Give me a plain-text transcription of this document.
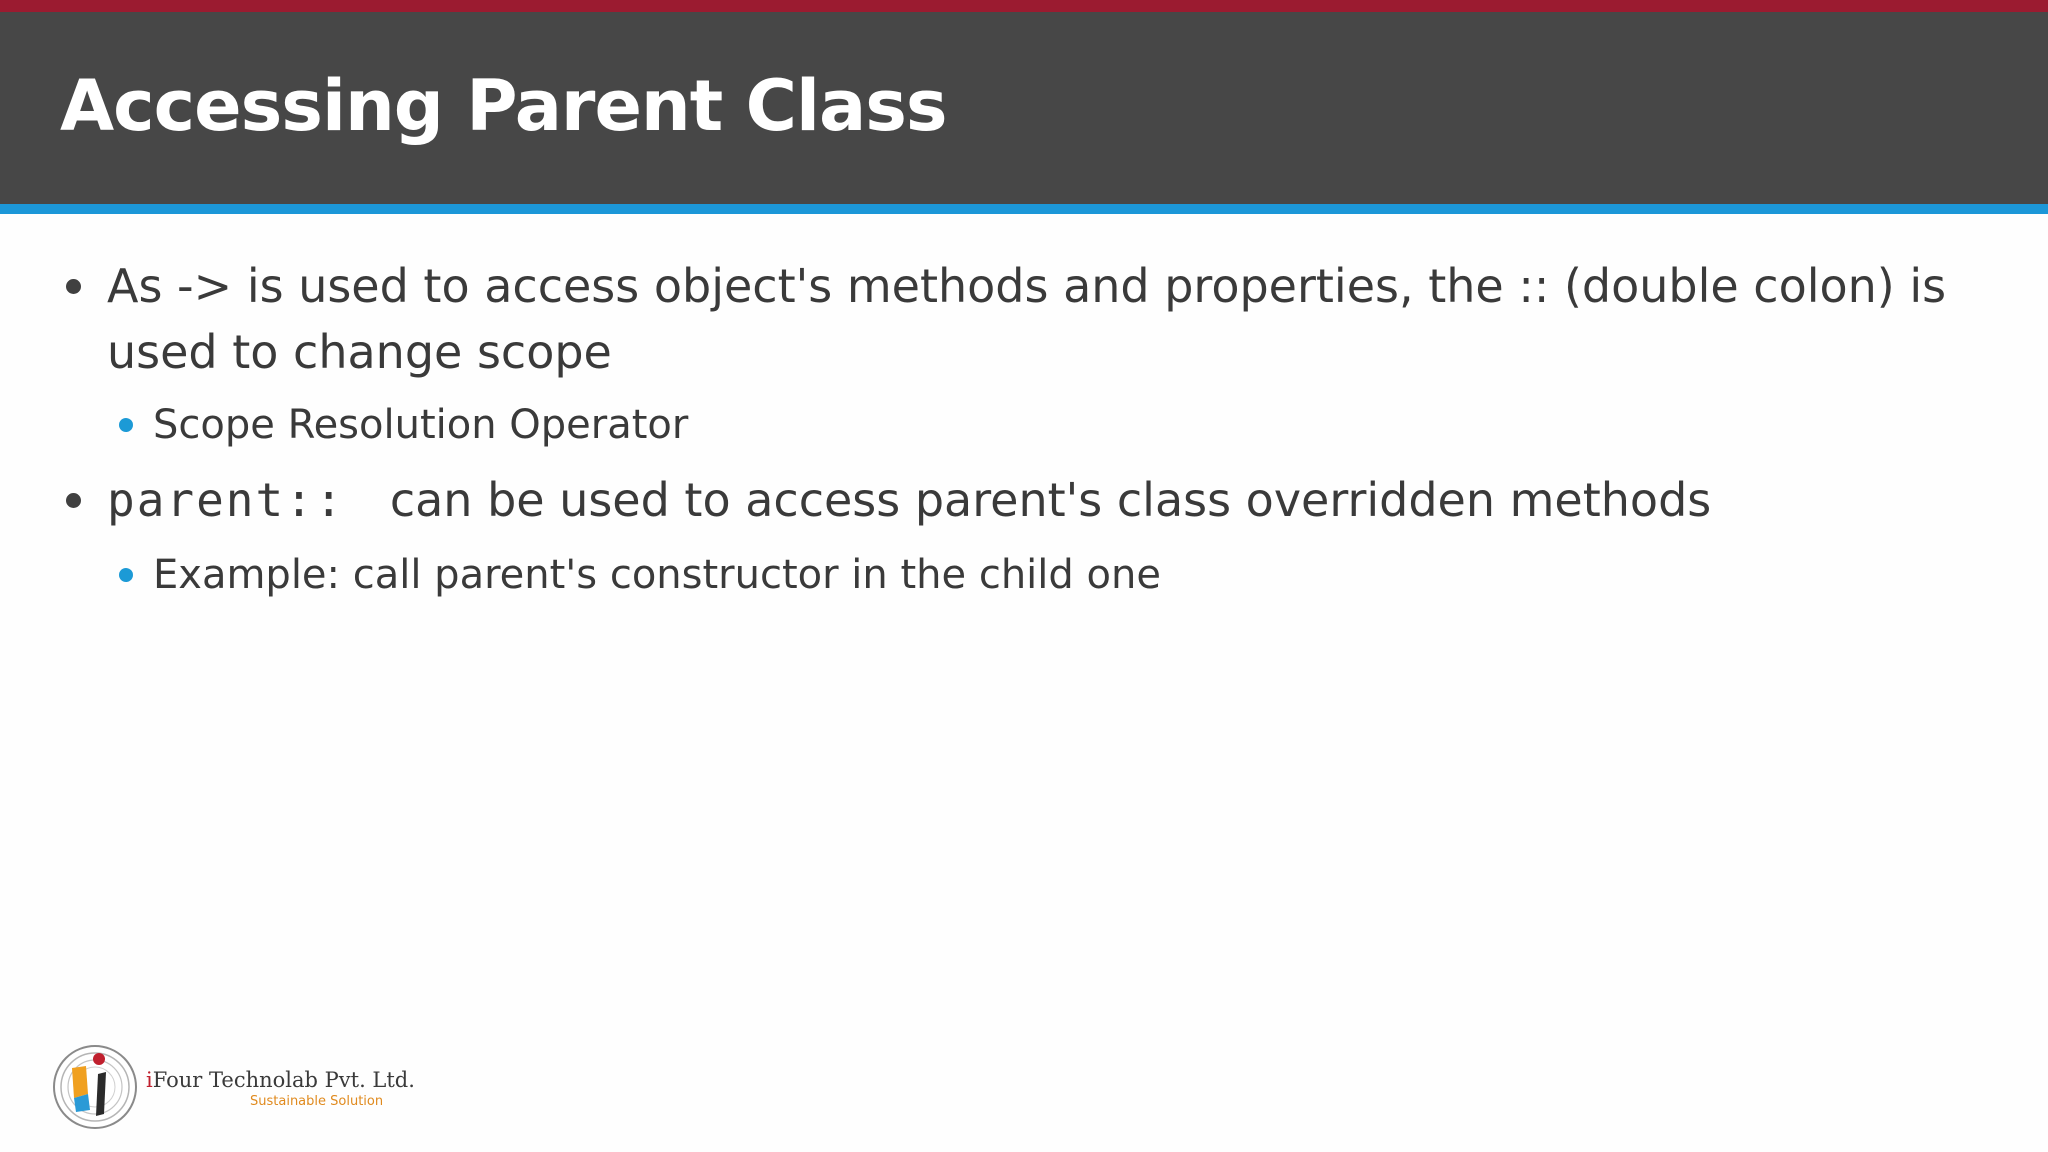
Accessing Parent Class
As -> is used to access object's methods and properties, the :: (double colon) is
used to change scope
Scope Resolution Operator
parent:: can be used to access parent's class overridden methods
Example: call parent's constructor in the child one
iFour Technolab Pvt. Ltd.
Sustainable Solution
